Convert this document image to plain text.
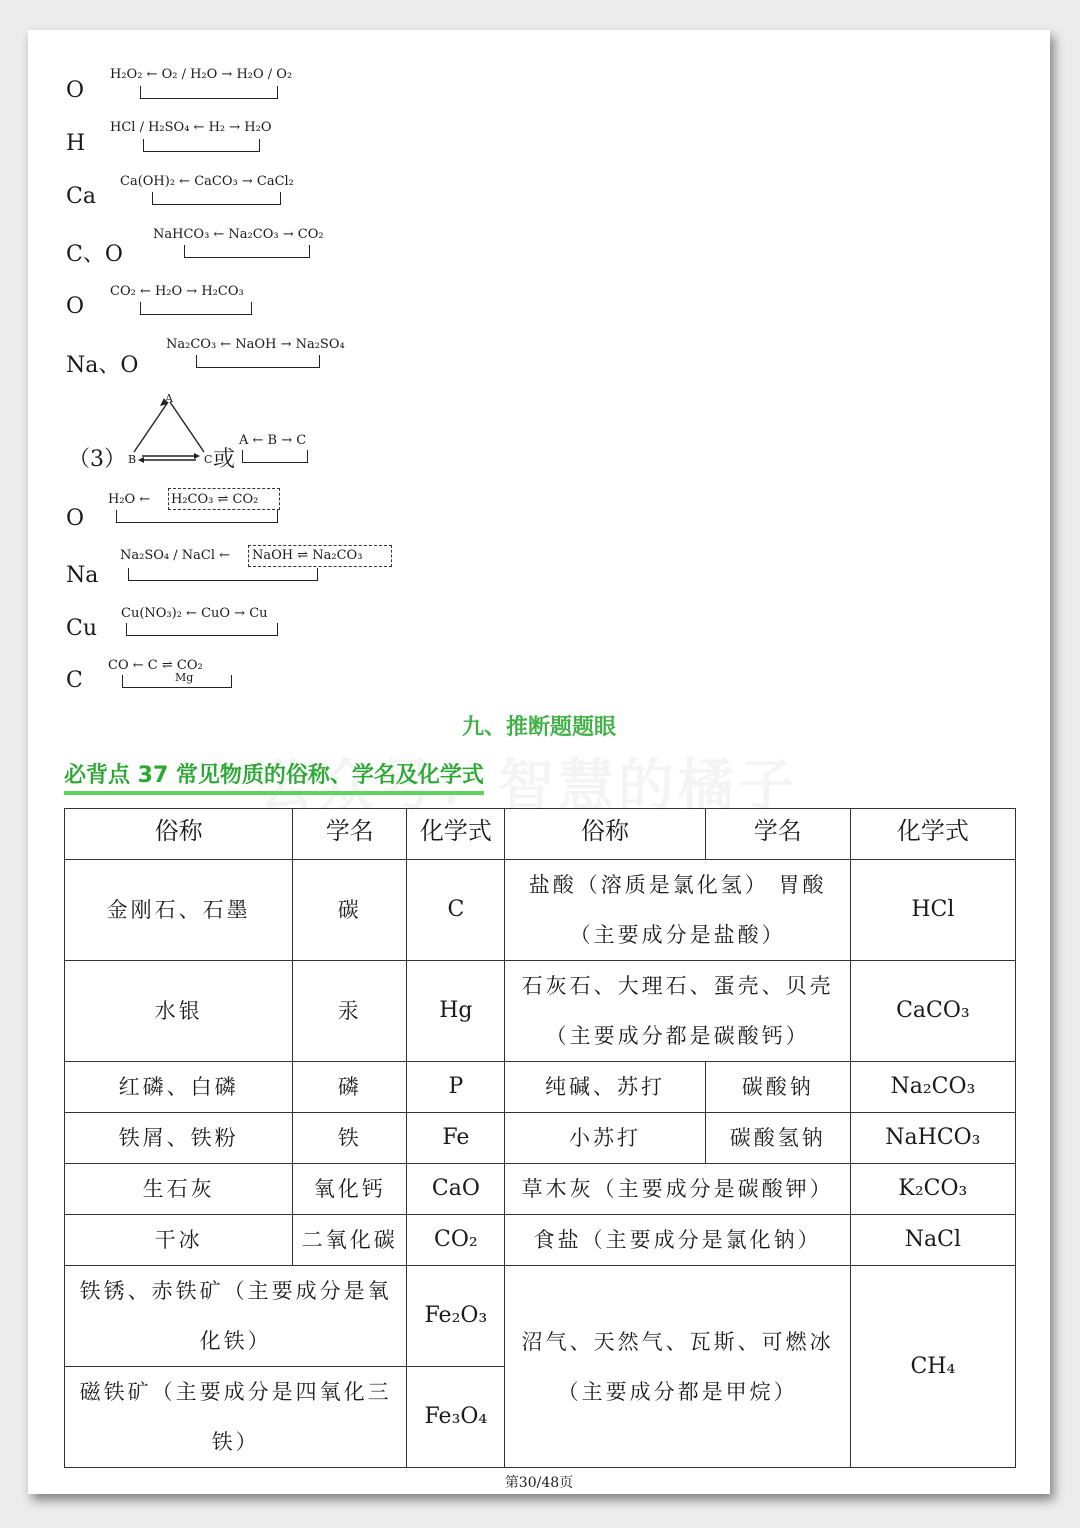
O
H₂O₂ ← O₂ / H₂O → H₂O / O₂
H
HCl / H₂SO₄ ← H₂ → H₂O
Ca
Ca(OH)₂ ← CaCO₃ → CaCl₂
C、O
NaHCO₃ ← Na₂CO₃ → CO₂
O
CO₂ ← H₂O → H₂CO₃
Na、O
Na₂CO₃ ← NaOH → Na₂SO₄
（3）
A
B	C 或
A ← B → C
O
H₂O ← H₂CO₃ ⇌ CO₂
Na
Na₂SO₄ / NaCl ← NaOH ⇌ Na₂CO₃
Cu
Cu(NO₃)₂ ← CuO → Cu
C
CO ← C ⇌ CO₂
Mg
九、推断题题眼
必背点 37 常见物质的俗称、学名及化学式
俗称	学名	化学式	俗称	学名	化学式
金刚石、石墨	碳	C	盐酸（溶质是氯化氢） 胃酸（主要成分是盐酸）		HCl
水银	汞	Hg	石灰石、大理石、蛋壳、贝壳（主要成分都是碳酸钙）		CaCO₃
红磷、白磷	磷	P	纯碱、苏打	碳酸钠	Na₂CO₃
铁屑、铁粉	铁	Fe	小苏打	碳酸氢钠	NaHCO₃
生石灰	氧化钙	CaO	草木灰（主要成分是碳酸钾）		K₂CO₃
干冰	二氧化碳	CO₂	食盐（主要成分是氯化钠）		NaCl
铁锈、赤铁矿（主要成分是氧化铁）		Fe₂O₃	沼气、天然气、瓦斯、可燃冰（主要成分都是甲烷）		CH₄
磁铁矿（主要成分是四氧化三铁）		Fe₃O₄			
第30/48页
